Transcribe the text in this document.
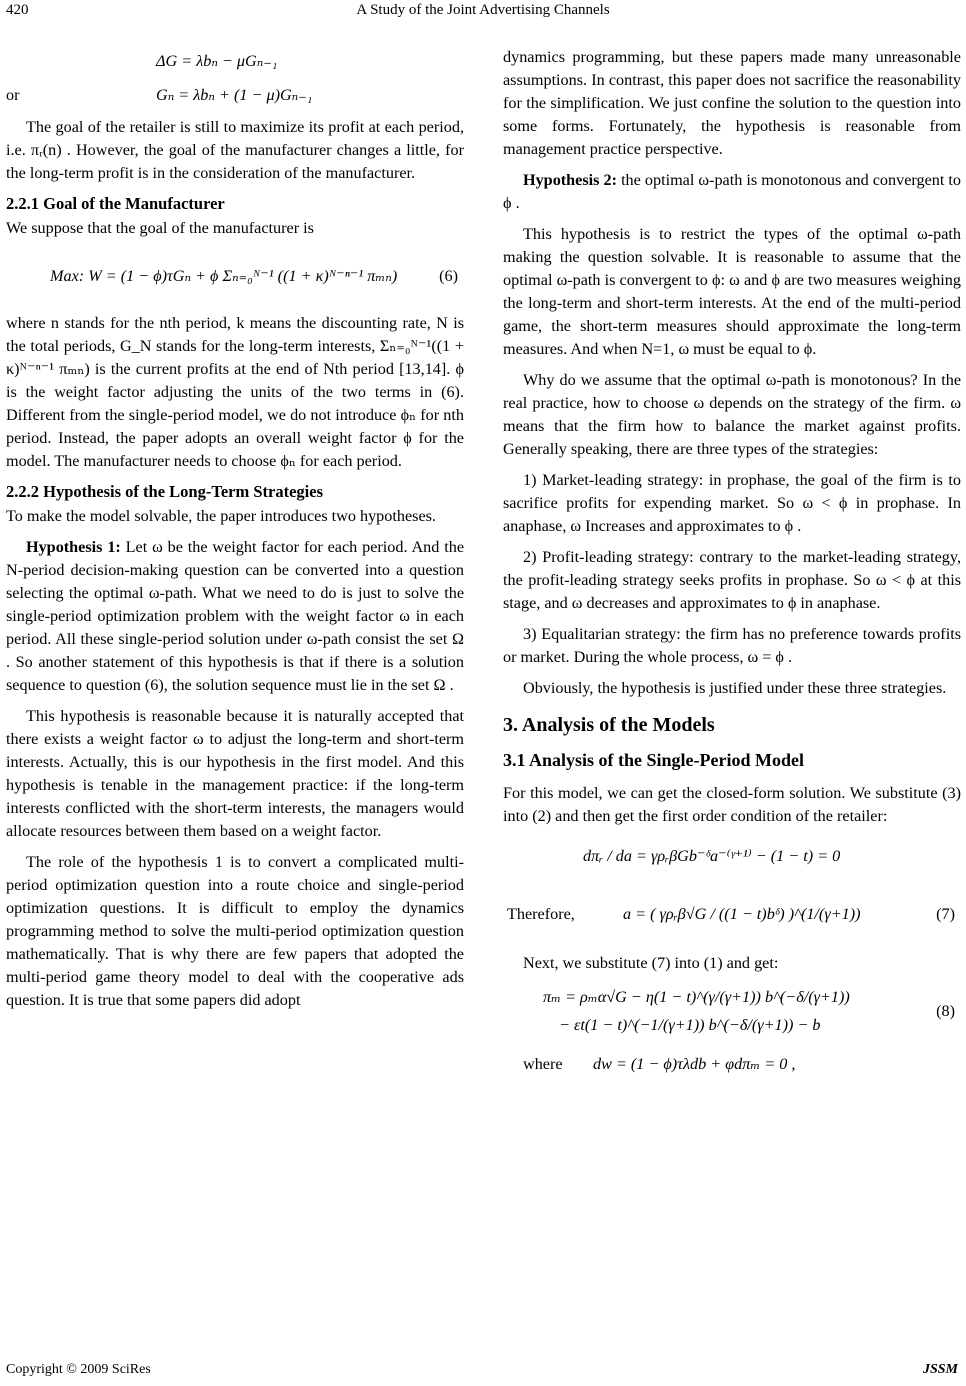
420	A Study of the Joint Advertising Channels
ΔG = λbₙ − μGₙ₋₁
or	Gₙ = λbₙ + (1 − μ)Gₙ₋₁

The goal of the retailer is still to maximize its profit at each period, i.e. πᵣ(n) . However, the goal of the manufacturer changes a little, for the long-term profit is in the consideration of the manufacturer.

2.2.1 Goal of the Manufacturer

We suppose that the goal of the manufacturer is

Max: W = (1 − ϕ)τGₙ + ϕ Σₙ₌₀ᴺ⁻¹ ((1 + κ)ᴺ⁻ⁿ⁻¹ πₘₙ)	(6)

where n stands for the nth period, k means the discounting rate, N is the total periods, G_N stands for the long-term interests, Σₙ₌₀ᴺ⁻¹((1 + κ)ᴺ⁻ⁿ⁻¹ πₘₙ) is the current profits at the end of Nth period [13,14]. ϕ is the weight factor adjusting the units of the two terms in (6). Different from the single-period model, we do not introduce ϕₙ for nth period. Instead, the paper adopts an overall weight factor ϕ for the model. The manufacturer needs to choose ϕₙ for each period.

2.2.2 Hypothesis of the Long-Term Strategies

To make the model solvable, the paper introduces two hypotheses.

Hypothesis 1: Let ω be the weight factor for each period. And the N-period decision-making question can be converted into a question selecting the optimal ω-path. What we need to do is just to solve the single-period optimization problem with the weight factor ω in each period. All these single-period solution under ω-path consist the set Ω . So another statement of this hypothesis is that if there is a solution sequence to question (6), the solution sequence must lie in the set Ω .

This hypothesis is reasonable because it is naturally accepted that there exists a weight factor ω to adjust the long-term and short-term interests. Actually, this is our hypothesis in the first model. And this hypothesis is tenable in the management practice: if the long-term interests conflicted with the short-term interests, the managers would allocate resources between them based on a weight factor.

The role of the hypothesis 1 is to convert a complicated multi-period optimization question into a route choice and single-period optimization questions. It is difficult to employ the dynamics programming method to solve the multi-period optimization question mathematically. That is why there are few papers that adopted the multi-period game theory model to deal with the cooperative ads question. It is true that some papers did adopt

dynamics programming, but these papers made many unreasonable assumptions. In contrast, this paper does not sacrifice the reasonability for the simplification. We just confine the solution to the question into some forms. Fortunately, the hypothesis is reasonable from management practice perspective.

Hypothesis 2: the optimal ω-path is monotonous and convergent to ϕ .

This hypothesis is to restrict the types of the optimal ω-path making the question solvable. It is reasonable to assume that the optimal ω-path is convergent to ϕ: ω and ϕ are two measures weighing the long-term and short-term interests. At the end of the multi-period game, the short-term measures should approximate the long-term measures. And when N=1, ω must be equal to ϕ.

Why do we assume that the optimal ω-path is monotonous? In the real practice, how to choose ω depends on the strategy of the firm. ω means that the firm how to balance the market against profits. Generally speaking, there are three types of the strategies:

1) Market-leading strategy: in prophase, the goal of the firm is to sacrifice profits for expending market. So ω < ϕ in prophase. In anaphase, ω Increases and approximates to ϕ .

2) Profit-leading strategy: contrary to the market-leading strategy, the profit-leading strategy seeks profits in prophase. So ω < ϕ at this stage, and ω decreases and approximates to ϕ in anaphase.

3) Equalitarian strategy: the firm has no preference towards profits or market. During the whole process, ω = ϕ .

Obviously, the hypothesis is justified under these three strategies.

3. Analysis of the Models
3.1 Analysis of the Single-Period Model

For this model, we can get the closed-form solution. We substitute (3) into (2) and then get the first order condition of the retailer:

dπᵣ / da = γρᵣβGb⁻ᵟa⁻⁽ᵞ⁺¹⁾ − (1 − t) = 0
Therefore,	a = ( γρᵣβ√G / ((1 − t)bᵟ) )^(1/(γ+1))	(7)

Next, we substitute (7) into (1) and get:

πₘ = ρₘα√G − η(1 − t)^(γ/(γ+1)) b^(−δ/(γ+1))
− εt(1 − t)^(−1/(γ+1)) b^(−δ/(γ+1)) − b
(8)
where dw = (1 − ϕ)τλdb + φdπₘ = 0 ,
Copyright © 2009 SciRes	JSSM
